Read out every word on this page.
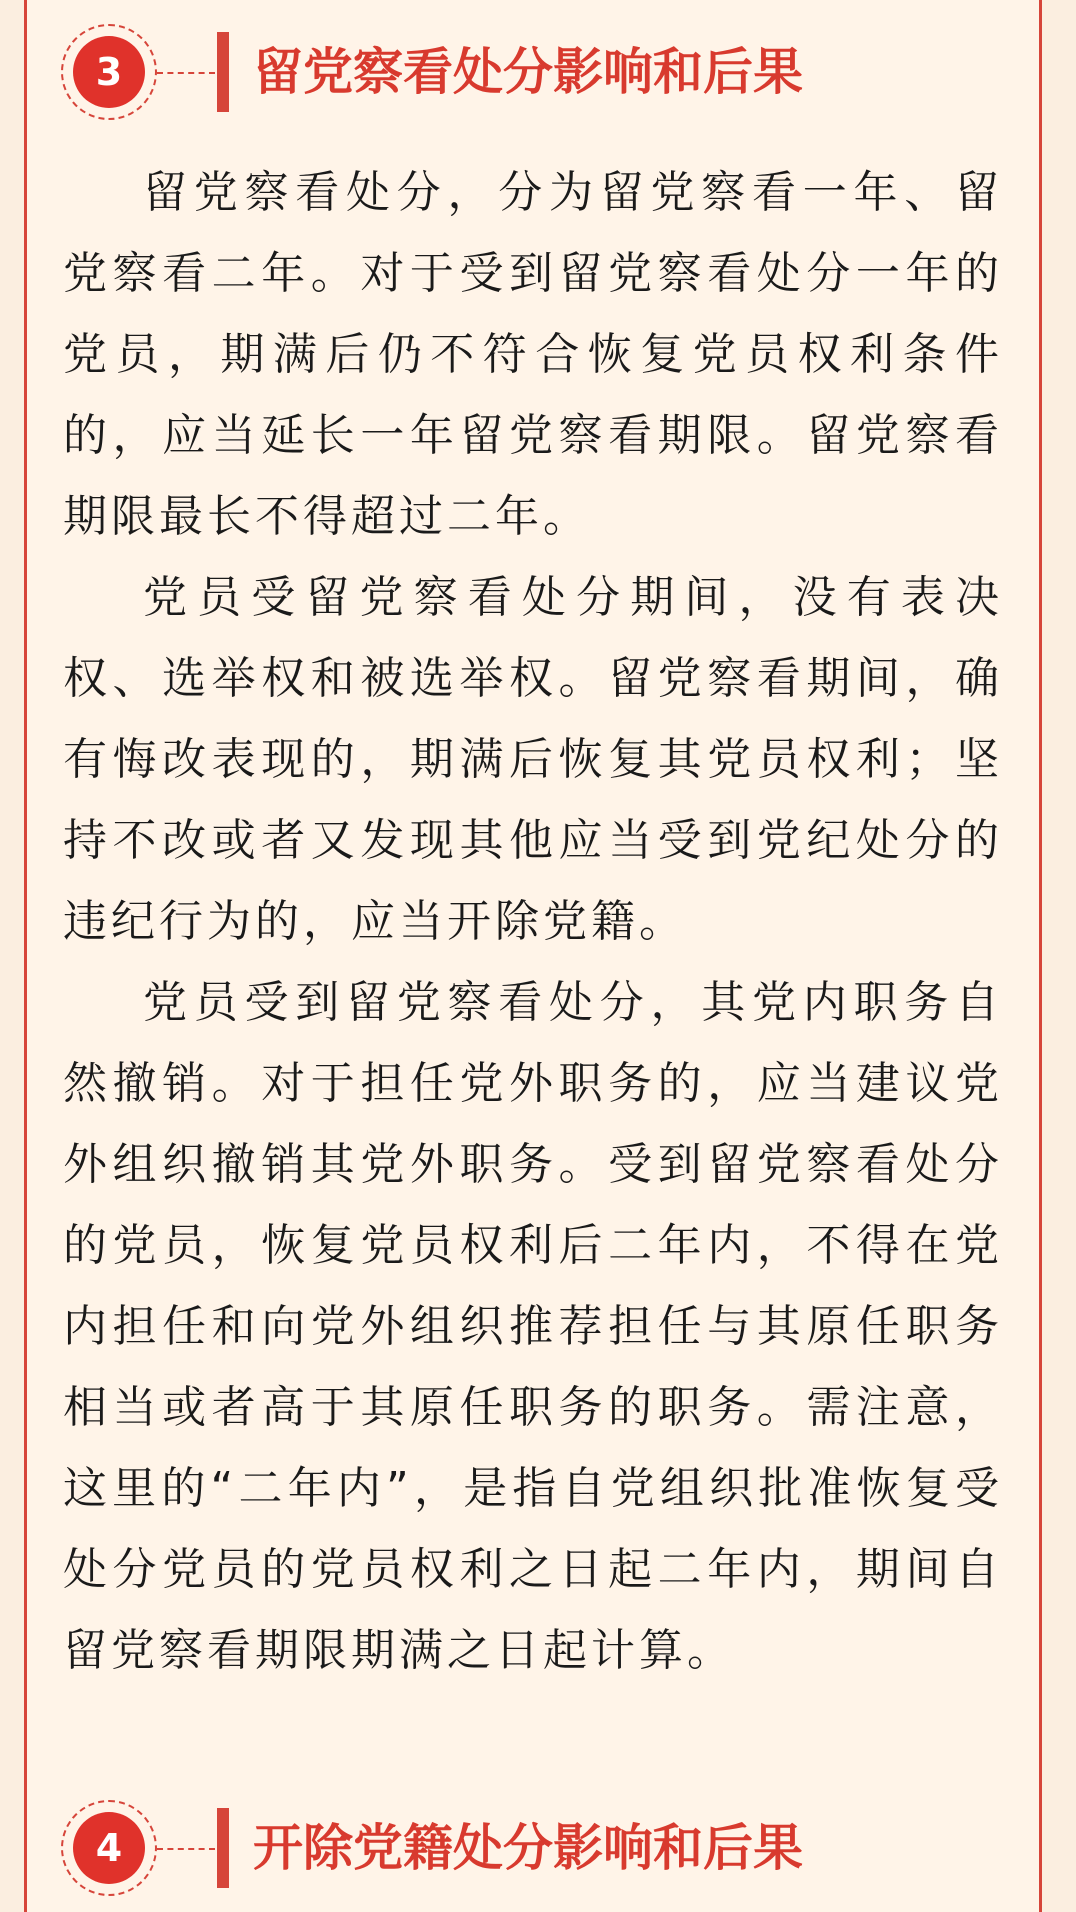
3	留党察看处分影响和后果

留党察看处分，分为留党察看一年、留党察看二年。对于受到留党察看处分一年的党员，期满后仍不符合恢复党员权利条件的，应当延长一年留党察看期限。留党察看期限最长不得超过二年。

党员受留党察看处分期间，没有表决权、选举权和被选举权。留党察看期间，确有悔改表现的，期满后恢复其党员权利；坚持不改或者又发现其他应当受到党纪处分的违纪行为的，应当开除党籍。

党员受到留党察看处分，其党内职务自然撤销。对于担任党外职务的，应当建议党外组织撤销其党外职务。受到留党察看处分的党员，恢复党员权利后二年内，不得在党内担任和向党外组织推荐担任与其原任职务相当或者高于其原任职务的职务。需注意，这里的“二年内”，是指自党组织批准恢复受处分党员的党员权利之日起二年内，期间自留党察看期限期满之日起计算。

4	开除党籍处分影响和后果
